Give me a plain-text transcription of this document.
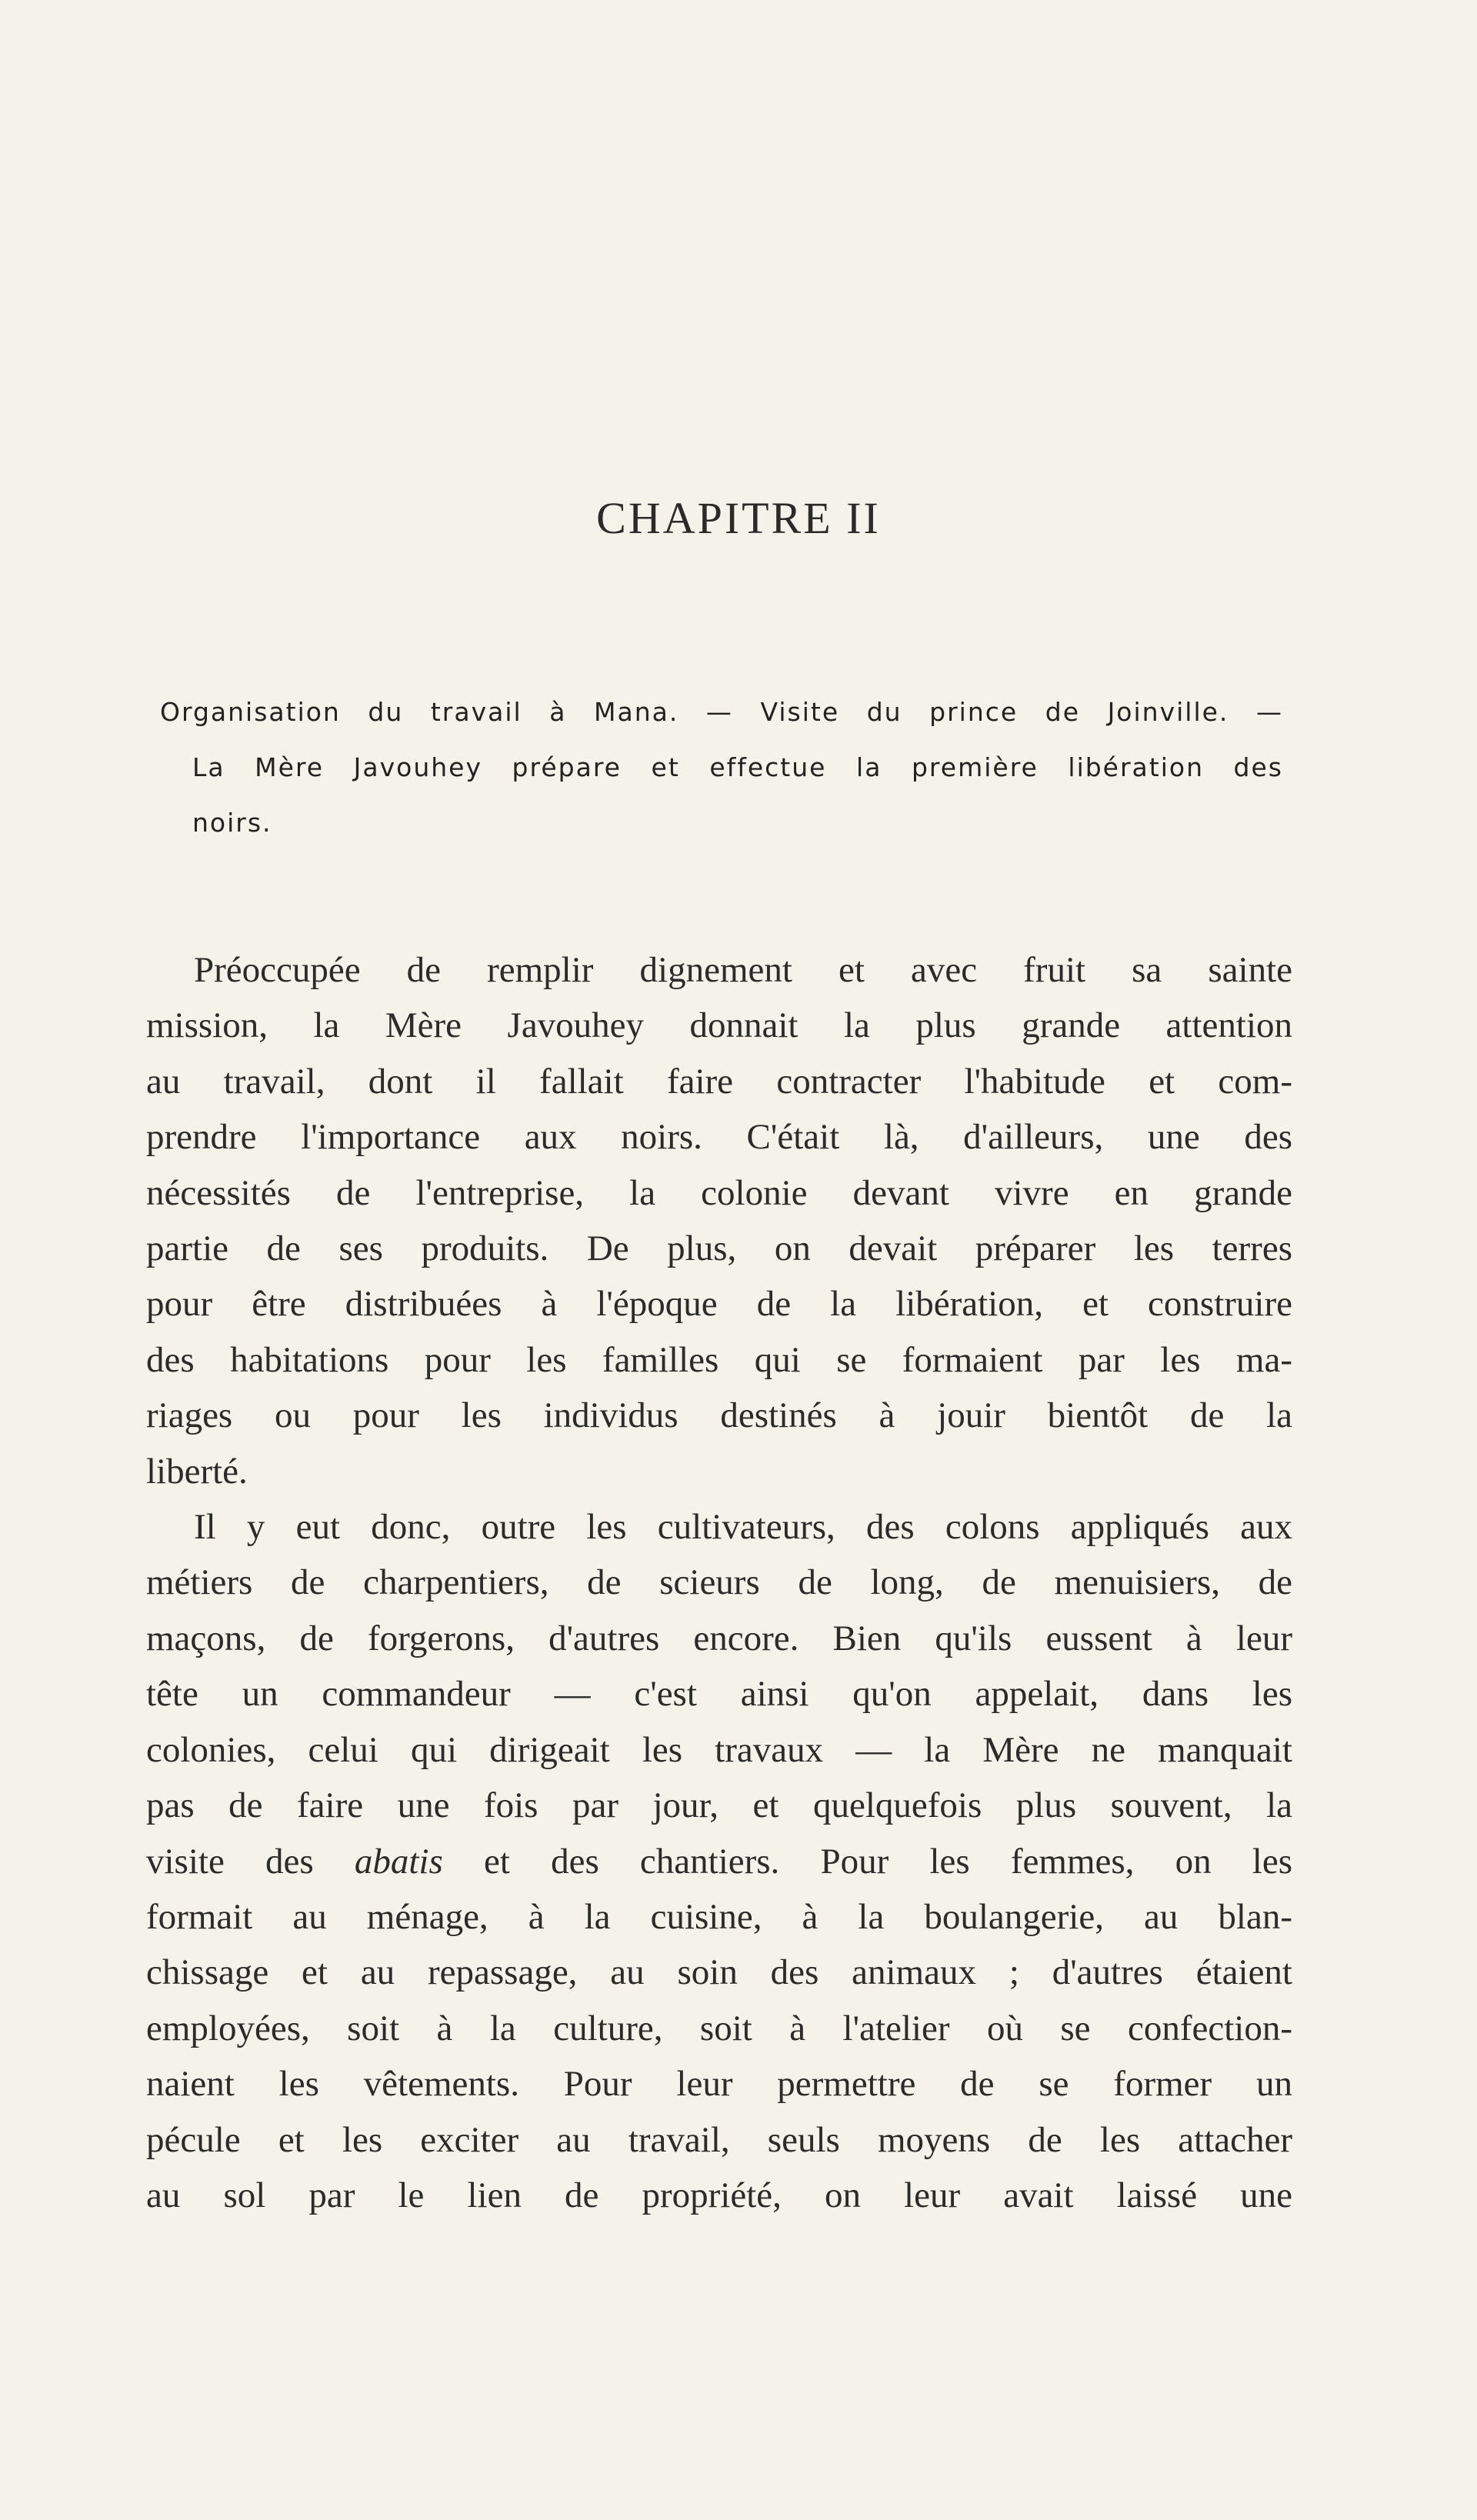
CHAPITRE II

Organisation du travail à Mana. — Visite du prince de Joinville. —

La Mère Javouhey prépare et effectue la première libération des

noirs.

Préoccupée de remplir dignement et avec fruit sa sainte

mission, la Mère Javouhey donnait la plus grande attention

au travail, dont il fallait faire contracter l'habitude et com-

prendre l'importance aux noirs. C'était là, d'ailleurs, une des

nécessités de l'entreprise, la colonie devant vivre en grande

partie de ses produits. De plus, on devait préparer les terres

pour être distribuées à l'époque de la libération, et construire

des habitations pour les familles qui se formaient par les ma-

riages ou pour les individus destinés à jouir bientôt de la

liberté.

Il y eut donc, outre les cultivateurs, des colons appliqués aux

métiers de charpentiers, de scieurs de long, de menuisiers, de

maçons, de forgerons, d'autres encore. Bien qu'ils eussent à leur

tête un commandeur — c'est ainsi qu'on appelait, dans les

colonies, celui qui dirigeait les travaux — la Mère ne manquait

pas de faire une fois par jour, et quelquefois plus souvent, la

visite des abatis et des chantiers. Pour les femmes, on les

formait au ménage, à la cuisine, à la boulangerie, au blan-

chissage et au repassage, au soin des animaux ; d'autres étaient

employées, soit à la culture, soit à l'atelier où se confection-

naient les vêtements. Pour leur permettre de se former un

pécule et les exciter au travail, seuls moyens de les attacher

au sol par le lien de propriété, on leur avait laissé une
